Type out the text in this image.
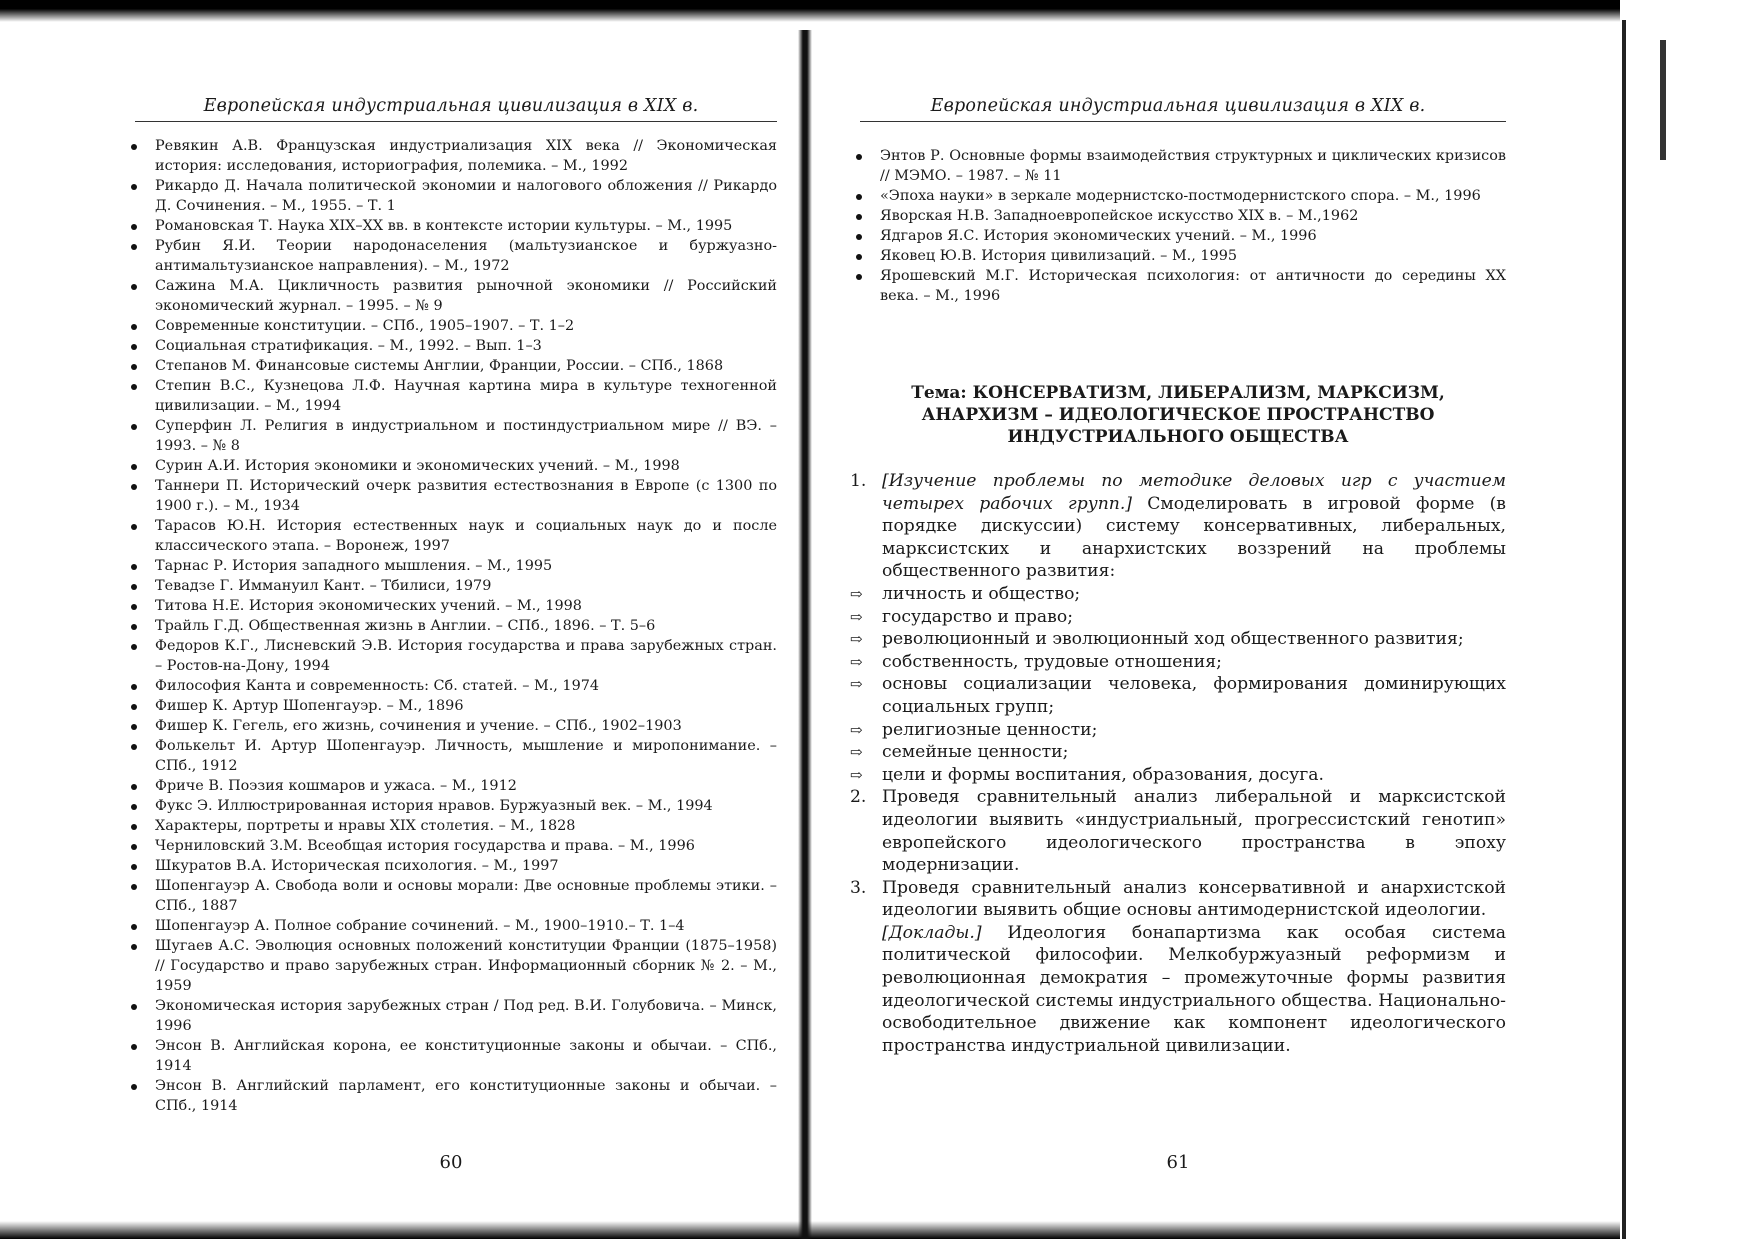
Европейская индустриальная цивилизация в XIX в.
Ревякин А.В. Французская индустриализация XIX века // Экономическая история: исследования, историография, полемика. – М., 1992
Рикардо Д. Начала политической экономии и налогового обложения // Рикардо Д. Сочинения. – М., 1955. – Т. 1
Романовская Т. Наука XIX–XX вв. в контексте истории культуры. – М., 1995
Рубин Я.И. Теории народонаселения (мальтузианское и буржуазно-антимальтузианское направления). – М., 1972
Сажина М.А. Цикличность развития рыночной экономики // Российский экономический журнал. – 1995. – № 9
Современные конституции. – СПб., 1905–1907. – Т. 1–2
Социальная стратификация. – М., 1992. – Вып. 1–3
Степанов М. Финансовые системы Англии, Франции, России. – СПб., 1868
Степин В.С., Кузнецова Л.Ф. Научная картина мира в культуре техногенной цивилизации. – М., 1994
Суперфин Л. Религия в индустриальном и постиндустриальном мире // ВЭ. – 1993. – № 8
Сурин А.И. История экономики и экономических учений. – М., 1998
Таннери П. Исторический очерк развития естествознания в Европе (с 1300 по 1900 г.). – М., 1934
Тарасов Ю.Н. История естественных наук и социальных наук до и после классического этапа. – Воронеж, 1997
Тарнас Р. История западного мышления. – М., 1995
Тевадзе Г. Иммануил Кант. – Тбилиси, 1979
Титова Н.Е. История экономических учений. – М., 1998
Трайль Г.Д. Общественная жизнь в Англии. – СПб., 1896. – Т. 5–6
Федоров К.Г., Лисневский Э.В. История государства и права зарубежных стран. – Ростов-на-Дону, 1994
Философия Канта и современность: Сб. статей. – М., 1974
Фишер К. Артур Шопенгауэр. – М., 1896
Фишер К. Гегель, его жизнь, сочинения и учение. – СПб., 1902–1903
Фолькельт И. Артур Шопенгауэр. Личность, мышление и миропонимание. – СПб., 1912
Фриче В. Поэзия кошмаров и ужаса. – М., 1912
Фукс Э. Иллюстрированная история нравов. Буржуазный век. – М., 1994
Характеры, портреты и нравы XIX столетия. – М., 1828
Черниловский З.М. Всеобщая история государства и права. – М., 1996
Шкуратов В.А. Историческая психология. – М., 1997
Шопенгауэр А. Свобода воли и основы морали: Две основные проблемы этики. – СПб., 1887
Шопенгауэр А. Полное собрание сочинений. – М., 1900–1910.– Т. 1–4
Шугаев А.С. Эволюция основных положений конституции Франции (1875–1958) // Государство и право зарубежных стран. Информационный сборник № 2. – М., 1959
Экономическая история зарубежных стран / Под ред. В.И. Голубовича. – Минск, 1996
Энсон В. Английская корона, ее конституционные законы и обычаи. – СПб., 1914
Энсон В. Английский парламент, его конституционные законы и обычаи. – СПб., 1914
60
Европейская индустриальная цивилизация в XIX в.
Энтов Р. Основные формы взаимодействия структурных и циклических кризисов // МЭМО. – 1987. – № 11
«Эпоха науки» в зеркале модернистско-постмодернистского спора. – М., 1996
Яворская Н.В. Западноевропейское искусство XIX в. – М.,1962
Ядгаров Я.С. История экономических учений. – М., 1996
Яковец Ю.В. История цивилизаций. – М., 1995
Ярошевский М.Г. Историческая психология: от античности до середины XX века. – М., 1996
Тема: КОНСЕРВАТИЗМ, ЛИБЕРАЛИЗМ, МАРКСИЗМ,
АНАРХИЗМ – ИДЕОЛОГИЧЕСКОЕ ПРОСТРАНСТВО
ИНДУСТРИАЛЬНОГО ОБЩЕСТВА
1. [Изучение проблемы по методике деловых игр с участием четырех рабочих групп.] Смоделировать в игровой форме (в порядке дискуссии) систему консервативных, либеральных, марксистских и анархистских воззрений на проблемы общественного развития:
⇨ личность и общество;
⇨ государство и право;
⇨ революционный и эволюционный ход общественного развития;
⇨ собственность, трудовые отношения;
⇨ основы социализации человека, формирования доминирующих социальных групп;
⇨ религиозные ценности;
⇨ семейные ценности;
⇨ цели и формы воспитания, образования, досуга.
2. Проведя сравнительный анализ либеральной и марксистской идеологии выявить «индустриальный, прогрессистский генотип» европейского идеологического пространства в эпоху модернизации.
3. Проведя сравнительный анализ консервативной и анархистской идеологии выявить общие основы антимодернистской идеологии.
[Доклады.] Идеология бонапартизма как особая система политической философии. Мелкобуржуазный реформизм и революционная демократия – промежуточные формы развития идеологической системы индустриального общества. Национально-освободительное движение как компонент идеологического пространства индустриальной цивилизации.
61
